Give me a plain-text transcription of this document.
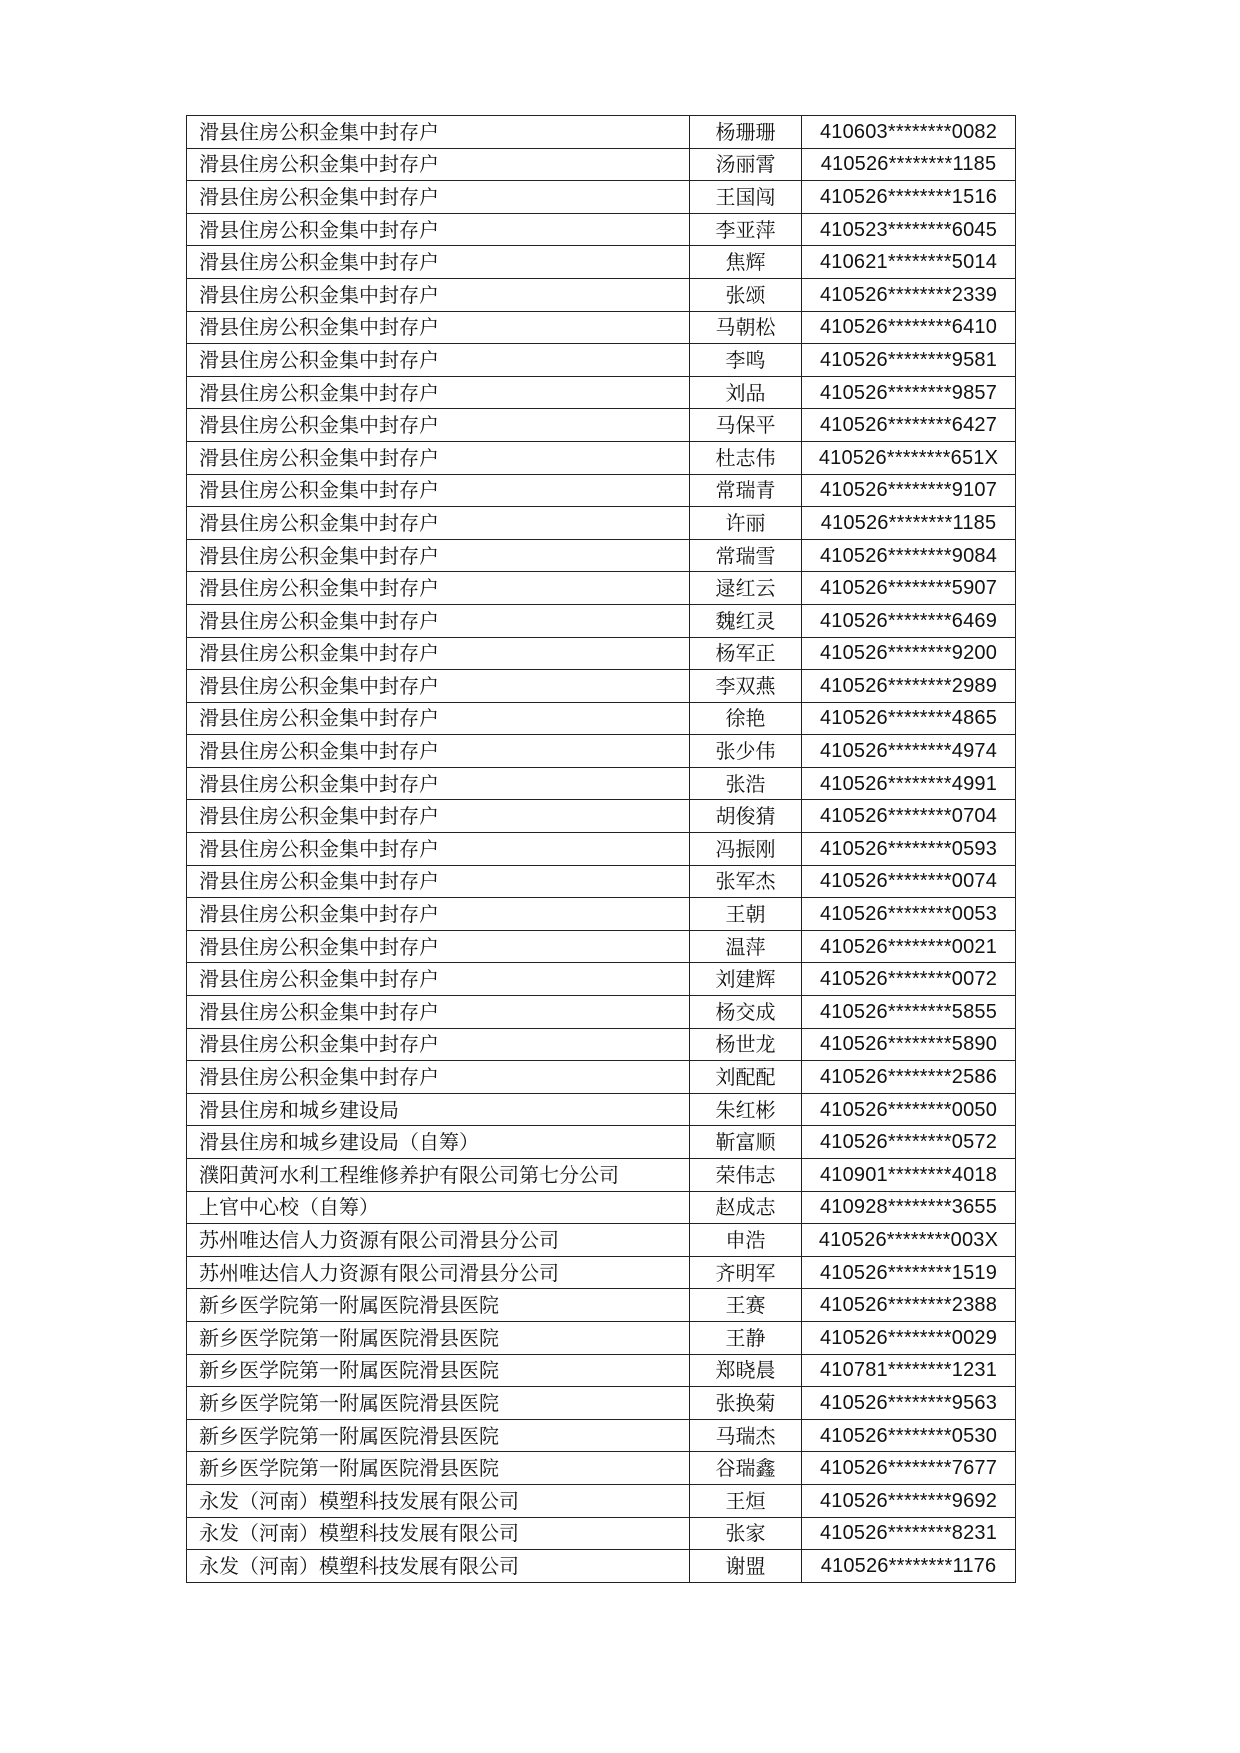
滑县住房公积金集中封存户	杨珊珊	410603********0082
滑县住房公积金集中封存户	汤丽霄	410526********1185
滑县住房公积金集中封存户	王国闯	410526********1516
滑县住房公积金集中封存户	李亚萍	410523********6045
滑县住房公积金集中封存户	焦辉	410621********5014
滑县住房公积金集中封存户	张颂	410526********2339
滑县住房公积金集中封存户	马朝松	410526********6410
滑县住房公积金集中封存户	李鸣	410526********9581
滑县住房公积金集中封存户	刘品	410526********9857
滑县住房公积金集中封存户	马保平	410526********6427
滑县住房公积金集中封存户	杜志伟	410526********651X
滑县住房公积金集中封存户	常瑞青	410526********9107
滑县住房公积金集中封存户	许丽	410526********1185
滑县住房公积金集中封存户	常瑞雪	410526********9084
滑县住房公积金集中封存户	逯红云	410526********5907
滑县住房公积金集中封存户	魏红灵	410526********6469
滑县住房公积金集中封存户	杨军正	410526********9200
滑县住房公积金集中封存户	李双燕	410526********2989
滑县住房公积金集中封存户	徐艳	410526********4865
滑县住房公积金集中封存户	张少伟	410526********4974
滑县住房公积金集中封存户	张浩	410526********4991
滑县住房公积金集中封存户	胡俊猜	410526********0704
滑县住房公积金集中封存户	冯振刚	410526********0593
滑县住房公积金集中封存户	张军杰	410526********0074
滑县住房公积金集中封存户	王朝	410526********0053
滑县住房公积金集中封存户	温萍	410526********0021
滑县住房公积金集中封存户	刘建辉	410526********0072
滑县住房公积金集中封存户	杨交成	410526********5855
滑县住房公积金集中封存户	杨世龙	410526********5890
滑县住房公积金集中封存户	刘配配	410526********2586
滑县住房和城乡建设局	朱红彬	410526********0050
滑县住房和城乡建设局（自筹）	靳富顺	410526********0572
濮阳黄河水利工程维修养护有限公司第七分公司	荣伟志	410901********4018
上官中心校（自筹）	赵成志	410928********3655
苏州唯达信人力资源有限公司滑县分公司	申浩	410526********003X
苏州唯达信人力资源有限公司滑县分公司	齐明军	410526********1519
新乡医学院第一附属医院滑县医院	王赛	410526********2388
新乡医学院第一附属医院滑县医院	王静	410526********0029
新乡医学院第一附属医院滑县医院	郑晓晨	410781********1231
新乡医学院第一附属医院滑县医院	张换菊	410526********9563
新乡医学院第一附属医院滑县医院	马瑞杰	410526********0530
新乡医学院第一附属医院滑县医院	谷瑞鑫	410526********7677
永发（河南）模塑科技发展有限公司	王烜	410526********9692
永发（河南）模塑科技发展有限公司	张家	410526********8231
永发（河南）模塑科技发展有限公司	谢盟	410526********1176
